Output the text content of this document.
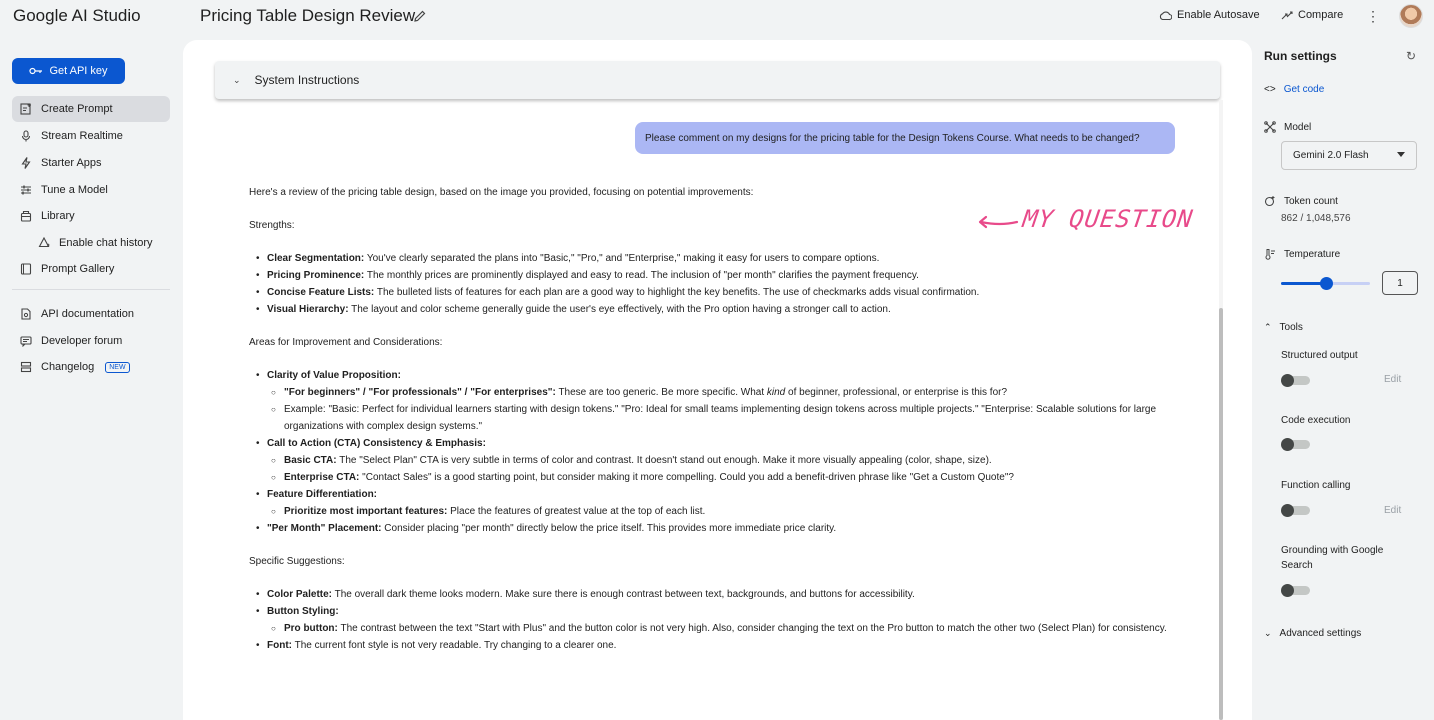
Google AI Studio	Pricing Table Design Review	Enable Autosave	Compare ⋮
Get API key
Create Prompt
Stream Realtime
Starter Apps
Tune a Model
Library
Enable chat history
Prompt Gallery
API documentation
Developer forum
Changelog	NEW
⌄ System Instructions
Please comment on my designs for the pricing table for the Design Tokens Course. What needs to be changed?
MY QUESTION

Here's a review of the pricing table design, based on the image you provided, focusing on potential improvements:

Strengths:

• Clear Segmentation: You've clearly separated the plans into "Basic," "Pro," and "Enterprise," making it easy for users to compare options.
• Pricing Prominence: The monthly prices are prominently displayed and easy to read. The inclusion of "per month" clarifies the payment frequency.
• Concise Feature Lists: The bulleted lists of features for each plan are a good way to highlight the key benefits. The use of checkmarks adds visual confirmation.
• Visual Hierarchy: The layout and color scheme generally guide the user's eye effectively, with the Pro option having a stronger call to action.

Areas for Improvement and Considerations:

• Clarity of Value Proposition:
○ "For beginners" / "For professionals" / "For enterprises": These are too generic. Be more specific. What kind of beginner, professional, or enterprise is this for?
○ Example: "Basic: Perfect for individual learners starting with design tokens." "Pro: Ideal for small teams implementing design tokens across multiple projects." "Enterprise: Scalable solutions for large organizations with complex design systems."
• Call to Action (CTA) Consistency & Emphasis:
○ Basic CTA: The "Select Plan" CTA is very subtle in terms of color and contrast. It doesn't stand out enough. Make it more visually appealing (color, shape, size).
○ Enterprise CTA: "Contact Sales" is a good starting point, but consider making it more compelling. Could you add a benefit-driven phrase like "Get a Custom Quote"?
• Feature Differentiation:
○ Prioritize most important features: Place the features of greatest value at the top of each list.
• "Per Month" Placement: Consider placing "per month" directly below the price itself. This provides more immediate price clarity.

Specific Suggestions:

• Color Palette: The overall dark theme looks modern. Make sure there is enough contrast between text, backgrounds, and buttons for accessibility.
• Button Styling:
○ Pro button: The contrast between the text "Start with Plus" and the button color is not very high. Also, consider changing the text on the Pro button to match the other two (Select Plan) for consistency.
• Font: The current font style is not very readable. Try changing to a clearer one.
Run settings	↻
<> Get code
Model
Gemini 2.0 Flash
Token count
862 / 1,048,576
Temperature
1
⌃ Tools
Structured output
Edit
Code execution
Function calling
Edit
Grounding with Google Search
⌄ Advanced settings
